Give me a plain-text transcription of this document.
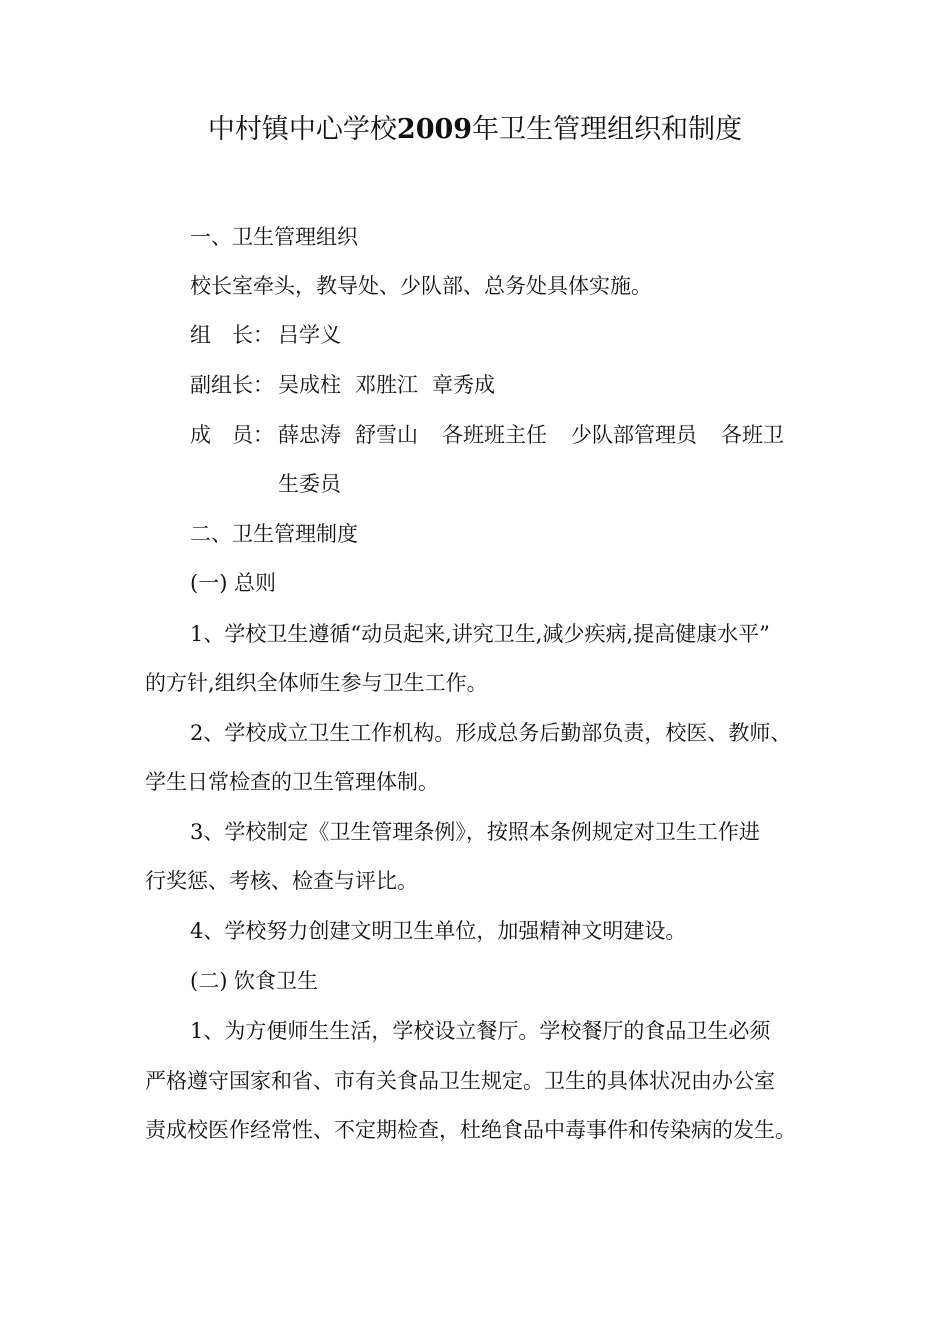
中村镇中心学校2009年卫生管理组织和制度
一、卫生管理组织
校长室牵头，教导处、少队部、总务处具体实施。
组　长： 吕学义
副组长： 吴成柱 邓胜江 章秀成
成　员： 薛忠涛 舒雪山 各班班主任 少队部管理员 各班卫
生委员
二、卫生管理制度
(一) 总则
1、学校卫生遵循“动员起来,讲究卫生,减少疾病,提高健康水平”
的方针,组织全体师生参与卫生工作。
2、学校成立卫生工作机构。形成总务后勤部负责，校医、教师、
学生日常检查的卫生管理体制。
3、学校制定《卫生管理条例》，按照本条例规定对卫生工作进
行奖惩、考核、检查与评比。
4、学校努力创建文明卫生单位，加强精神文明建设。
(二) 饮食卫生
1、为方便师生生活，学校设立餐厅。学校餐厅的食品卫生必须
严格遵守国家和省、市有关食品卫生规定。卫生的具体状况由办公室
责成校医作经常性、不定期检查，杜绝食品中毒事件和传染病的发生。
